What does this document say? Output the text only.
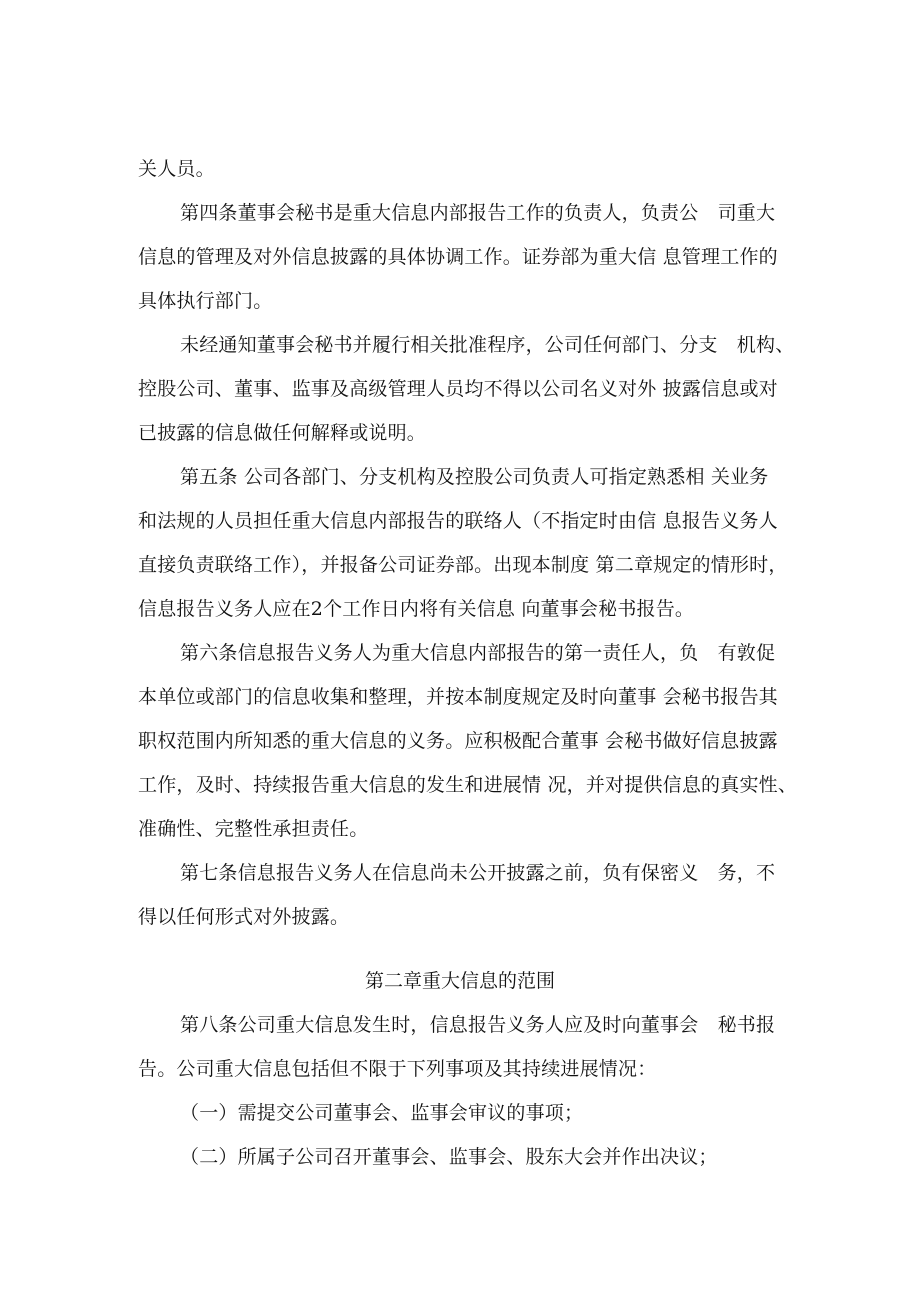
关人员。
第四条董事会秘书是重大信息内部报告工作的负责人，负责公　司重大
信息的管理及对外信息披露的具体协调工作。证券部为重大信 息管理工作的
具体执行部门。
未经通知董事会秘书并履行相关批准程序，公司任何部门、分支　机构、
控股公司、董事、监事及高级管理人员均不得以公司名义对外 披露信息或对
已披露的信息做任何解释或说明。
第五条 公司各部门、分支机构及控股公司负责人可指定熟悉相 关业务
和法规的人员担任重大信息内部报告的联络人（不指定时由信 息报告义务人
直接负责联络工作），并报备公司证券部。出现本制度 第二章规定的情形时，
信息报告义务人应在2个工作日内将有关信息 向董事会秘书报告。
第六条信息报告义务人为重大信息内部报告的第一责任人，负　有敦促
本单位或部门的信息收集和整理，并按本制度规定及时向董事 会秘书报告其
职权范围内所知悉的重大信息的义务。应积极配合董事 会秘书做好信息披露
工作，及时、持续报告重大信息的发生和进展情 况，并对提供信息的真实性、
准确性、完整性承担责任。
第七条信息报告义务人在信息尚未公开披露之前，负有保密义　务，不
得以任何形式对外披露。
第二章重大信息的范围
第八条公司重大信息发生时，信息报告义务人应及时向董事会　秘书报
告。公司重大信息包括但不限于下列事项及其持续进展情况：
（一）需提交公司董事会、监事会审议的事项；
（二）所属子公司召开董事会、监事会、股东大会并作出决议；
